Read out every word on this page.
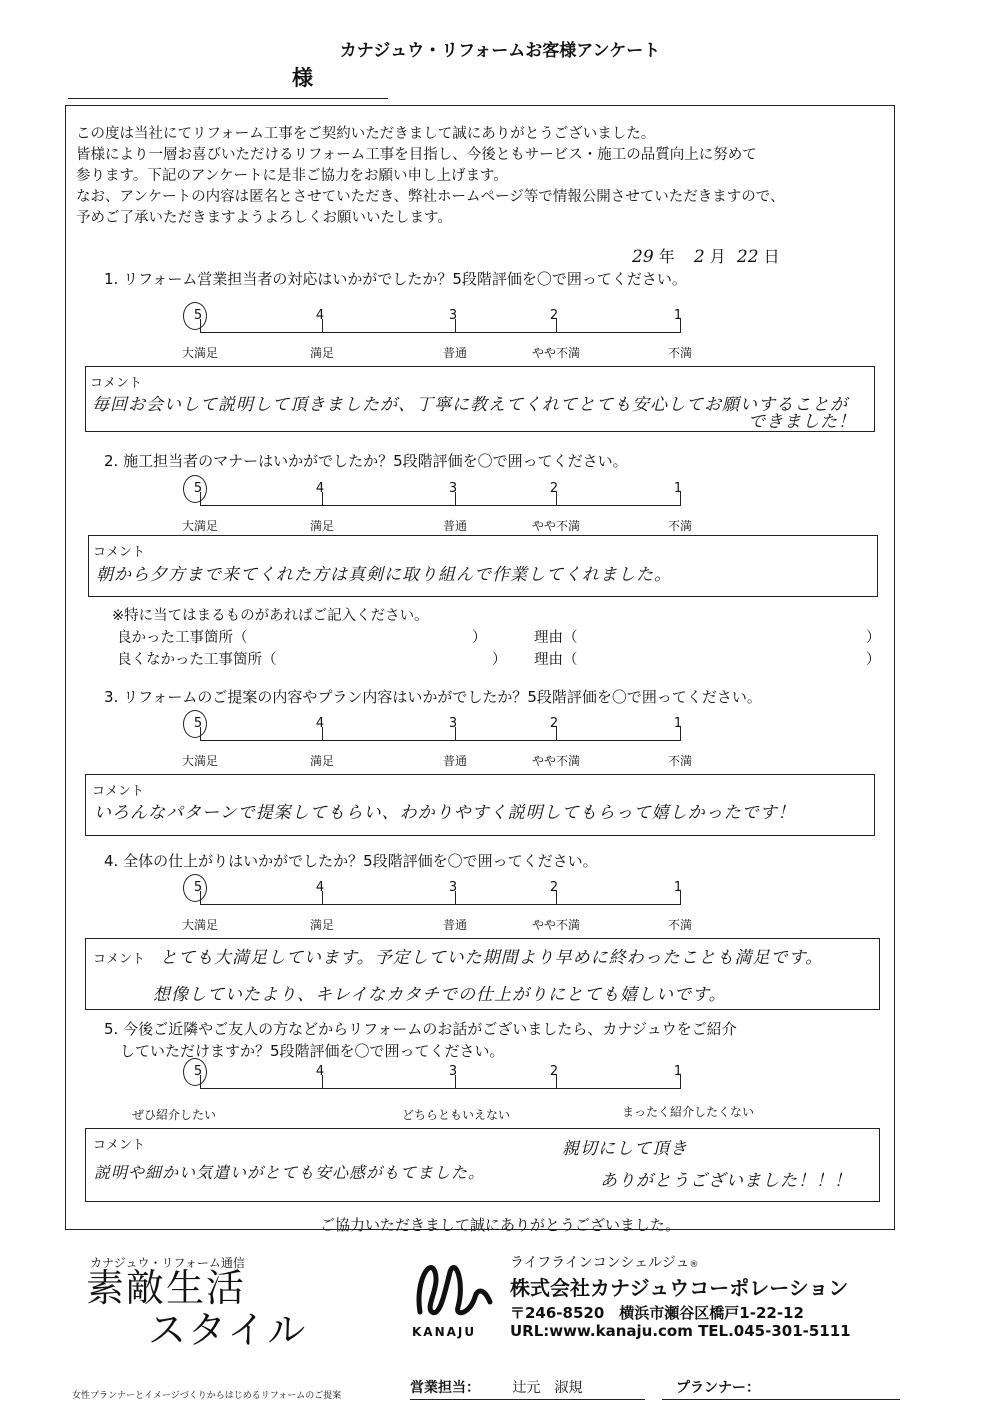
カナジュウ・リフォームお客様アンケート
様
この度は当社にてリフォーム工事をご契約いただきまして誠にありがとうございました。
皆様により一層お喜びいただけるリフォーム工事を目指し、今後ともサービス・施工の品質向上に努めて
参ります。下記のアンケートに是非ご協力をお願い申し上げます。
なお、アンケートの内容は匿名とさせていただき、弊社ホームページ等で情報公開させていただきますので、
予めご了承いただきますようよろしくお願いいたします。
29 年 2 月 22 日
1. リフォーム営業担当者の対応はいかがでしたか？5段階評価を〇で囲ってください。
コメント
毎回お会いして説明して頂きましたが、丁寧に教えてくれてとても安心してお願いすることが
できました！
2. 施工担当者のマナーはいかがでしたか？5段階評価を〇で囲ってください。
コメント
朝から夕方まで来てくれた方は真剣に取り組んで作業してくれました。
※特に当てはまるものがあればご記入ください。
良かった工事箇所（	）	理由（	）
良くなかった工事箇所（	） 理由（	）
3. リフォームのご提案の内容やプラン内容はいかがでしたか？5段階評価を〇で囲ってください。
コメント
いろんなパターンで提案してもらい、わかりやすく説明してもらって嬉しかったです！
4. 全体の仕上がりはいかがでしたか？5段階評価を〇で囲ってください。
コメント とても大満足しています。予定していた期間より早めに終わったことも満足です。
想像していたより、キレイなカタチでの仕上がりにとても嬉しいです。
5. 今後ご近隣やご友人の方などからリフォームのお話がございましたら、カナジュウをご紹介
していただけますか？5段階評価を〇で囲ってください。
ぜひ紹介したい	どちらともいえない	まったく紹介したくない
コメント	親切にして頂き
説明や細かい気遣いがとても安心感がもてました。	ありがとうございました！！！
ご協力いただきまして誠にありがとうございました。
カナジュウ・リフォーム通信
素敵生活
スタイル
女性プランナーとイメージづくりからはじめるリフォームのご提案
KANAJU
ライフラインコンシェルジュ®
株式会社カナジュウコーポレーション
〒246-8520　横浜市瀬谷区橋戸1-22-12
URL:www.kanaju.com TEL.045-301-5111
営業担当： 辻元　淑規	プランナー：
5
大満足
4
満足
3
普通
2
やや不満
1
不満
5
大満足
4
満足
3
普通
2
やや不満
1
不満
5
大満足
4
満足
3
普通
2
やや不満
1
不満
5
大満足
4
満足
3
普通
2
やや不満
1
不満
5	4	3	2	1
